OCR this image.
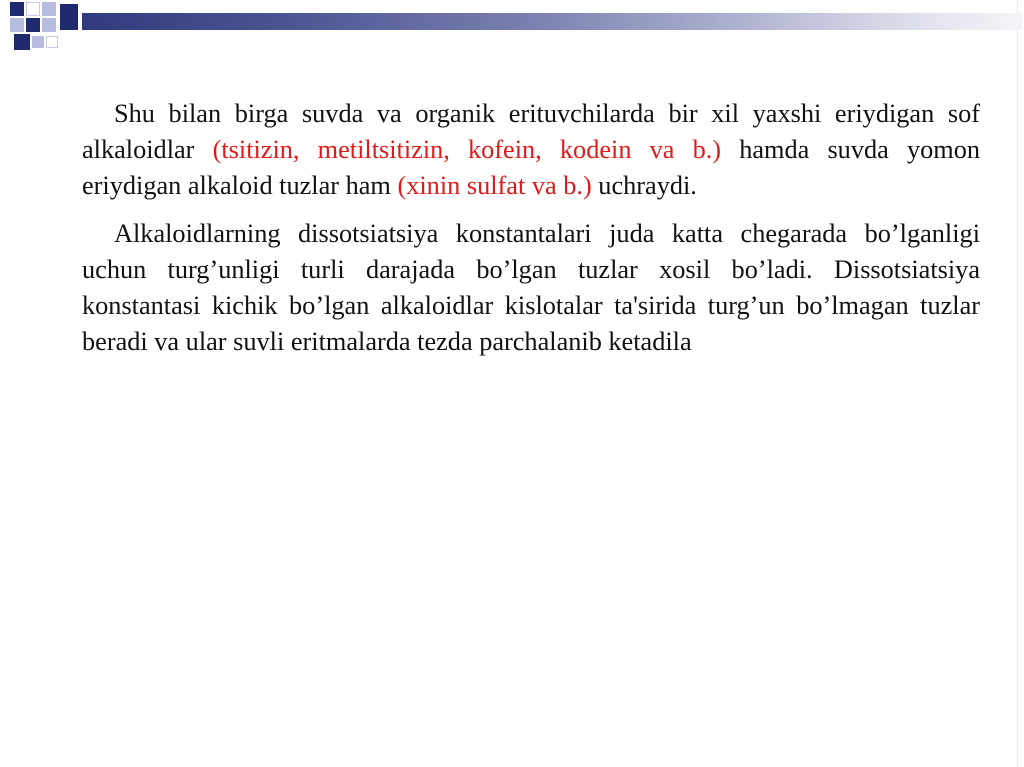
Shu bilan birga suvda va organik erituvchilarda bir xil yaxshi eriydigan sof alkaloidlar (tsitizin, metiltsitizin, kofein, kodein va b.) hamda suvda yomon eriydigan alkaloid tuzlar ham (xinin sulfat va b.) uchraydi.

Alkaloidlarning dissotsiatsiya konstantalari juda katta chegarada bo’lganligi uchun turg’unligi turli darajada bo’lgan tuzlar xosil bo’ladi. Dissotsiatsiya konstantasi kichik bo’lgan alkaloidlar kislotalar ta'sirida turg’un bo’lmagan tuzlar beradi va ular suvli eritmalarda tezda parchalanib ketadila
